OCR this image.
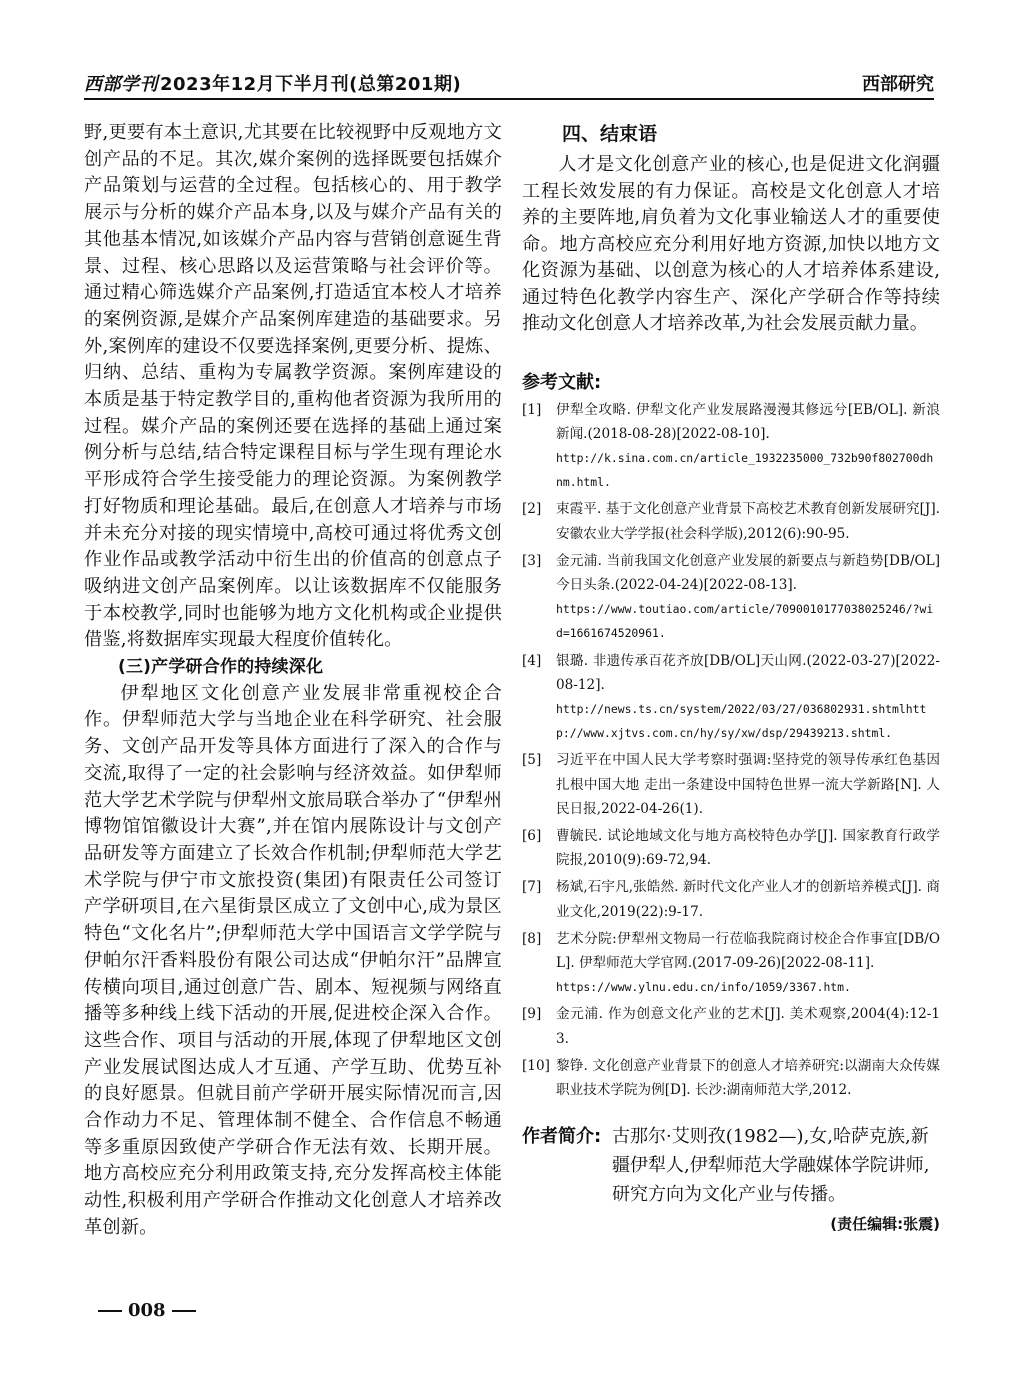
西部学刊 2023年12月下半月刊(总第201期)	西部研究

野,更要有本土意识,尤其要在比较视野中反观地方文创产品的不足。其次,媒介案例的选择既要包括媒介产品策划与运营的全过程。包括核心的、用于教学展示与分析的媒介产品本身,以及与媒介产品有关的其他基本情况,如该媒介产品内容与营销创意诞生背景、过程、核心思路以及运营策略与社会评价等。通过精心筛选媒介产品案例,打造适宜本校人才培养的案例资源,是媒介产品案例库建造的基础要求。另外,案例库的建设不仅要选择案例,更要分析、提炼、归纳、总结、重构为专属教学资源。案例库建设的本质是基于特定教学目的,重构他者资源为我所用的过程。媒介产品的案例还要在选择的基础上通过案例分析与总结,结合特定课程目标与学生现有理论水平形成符合学生接受能力的理论资源。为案例教学打好物质和理论基础。最后,在创意人才培养与市场并未充分对接的现实情境中,高校可通过将优秀文创作业作品或教学活动中衍生出的价值高的创意点子吸纳进文创产品案例库。以让该数据库不仅能服务于本校教学,同时也能够为地方文化机构或企业提供借鉴,将数据库实现最大程度价值转化。

(三)产学研合作的持续深化

伊犁地区文化创意产业发展非常重视校企合作。伊犁师范大学与当地企业在科学研究、社会服务、文创产品开发等具体方面进行了深入的合作与交流,取得了一定的社会影响与经济效益。如伊犁师范大学艺术学院与伊犁州文旅局联合举办了“伊犁州博物馆馆徽设计大赛”,并在馆内展陈设计与文创产品研发等方面建立了长效合作机制;伊犁师范大学艺术学院与伊宁市文旅投资(集团)有限责任公司签订产学研项目,在六星街景区成立了文创中心,成为景区特色“文化名片”;伊犁师范大学中国语言文学学院与伊帕尔汗香料股份有限公司达成“伊帕尔汗”品牌宣传横向项目,通过创意广告、剧本、短视频与网络直播等多种线上线下活动的开展,促进校企深入合作。这些合作、项目与活动的开展,体现了伊犁地区文创产业发展试图达成人才互通、产学互助、优势互补的良好愿景。但就目前产学研开展实际情况而言,因合作动力不足、管理体制不健全、合作信息不畅通等多重原因致使产学研合作无法有效、长期开展。地方高校应充分利用政策支持,充分发挥高校主体能动性,积极利用产学研合作推动文化创意人才培养改革创新。

四、结束语

人才是文化创意产业的核心,也是促进文化润疆工程长效发展的有力保证。高校是文化创意人才培养的主要阵地,肩负着为文化事业输送人才的重要使命。地方高校应充分利用好地方资源,加快以地方文化资源为基础、以创意为核心的人才培养体系建设,通过特色化教学内容生产、深化产学研合作等持续推动文化创意人才培养改革,为社会发展贡献力量。

参考文献:
[1] 伊犁全攻略. 伊犁文化产业发展路漫漫其修远兮[EB/OL]. 新浪新闻.(2018-08-28)[2022-08-10].
http://k.sina.com.cn/article_1932235000_732b90f802700dhnm.html.
[2] 束霞平. 基于文化创意产业背景下高校艺术教育创新发展研究[J]. 安徽农业大学学报(社会科学版),2012(6):90-95.
[3] 金元浦. 当前我国文化创意产业发展的新要点与新趋势[DB/OL]今日头条.(2022-04-24)[2022-08-13].
https://www.toutiao.com/article/7090010177038025246/?wid=1661674520961.
[4] 银璐. 非遗传承百花齐放[DB/OL]天山网.(2022-03-27)[2022-08-12].
http://news.ts.cn/system/2022/03/27/036802931.shtmlhttp://www.xjtvs.com.cn/hy/sy/xw/dsp/29439213.shtml.
[5] 习近平在中国人民大学考察时强调:坚持党的领导传承红色基因扎根中国大地 走出一条建设中国特色世界一流大学新路[N]. 人民日报,2022-04-26(1).
[6] 曹毓民. 试论地域文化与地方高校特色办学[J]. 国家教育行政学院报,2010(9):69-72,94.
[7] 杨斌,石宇凡,张皓然. 新时代文化产业人才的创新培养模式[J]. 商业文化,2019(22):9-17.
[8] 艺术分院:伊犁州文物局一行莅临我院商讨校企合作事宜[DB/OL]. 伊犁师范大学官网.(2017-09-26)[2022-08-11].
https://www.ylnu.edu.cn/info/1059/3367.htm.
[9] 金元浦. 作为创意文化产业的艺术[J]. 美术观察,2004(4):12-13.
[10] 黎铮. 文化创意产业背景下的创意人才培养研究:以湖南大众传媒职业技术学院为例[D]. 长沙:湖南师范大学,2012.
作者简介: 古那尔·艾则孜(1982—),女,哈萨克族,新疆伊犁人,伊犁师范大学融媒体学院讲师,研究方向为文化产业与传播。
(责任编辑:张震)
008
